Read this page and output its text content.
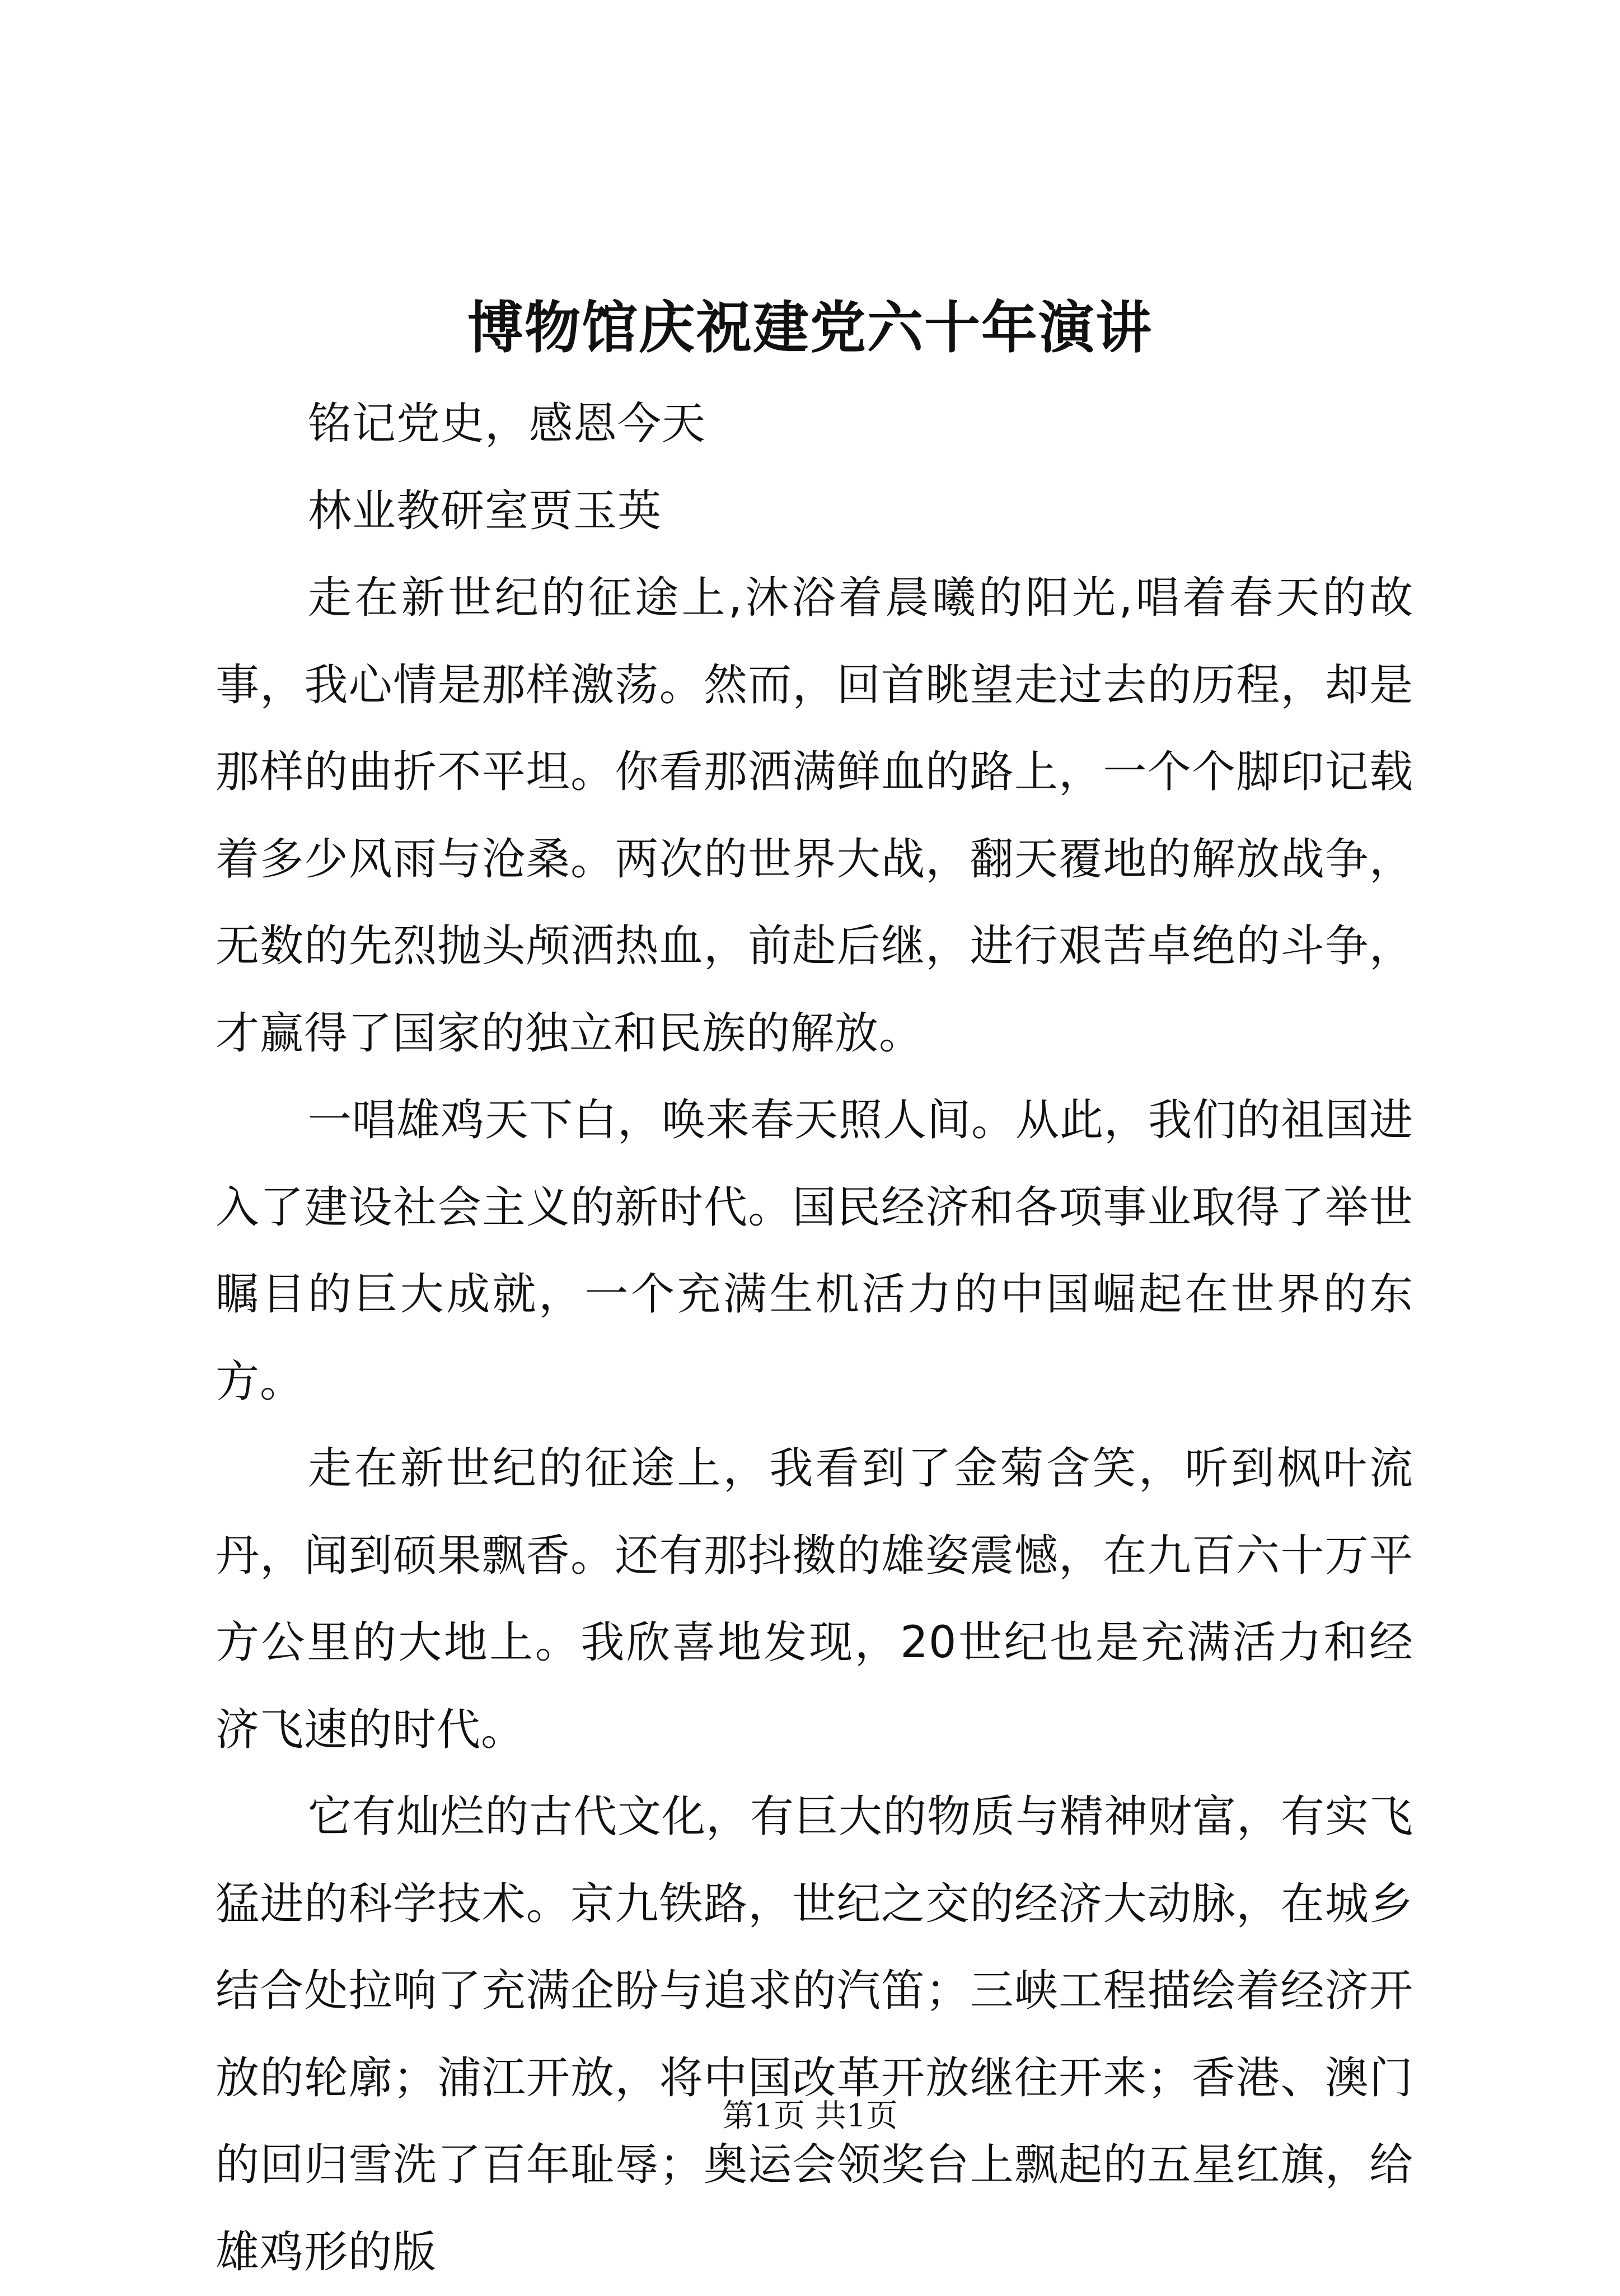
博物馆庆祝建党六十年演讲

铭记党史，感恩今天

林业教研室贾玉英

走在新世纪的征途上,沐浴着晨曦的阳光,唱着春天的故事，我心情是那样激荡。然而，回首眺望走过去的历程，却是那样的曲折不平坦。你看那洒满鲜血的路上，一个个脚印记载着多少风雨与沧桑。两次的世界大战，翻天覆地的解放战争，无数的先烈抛头颅洒热血，前赴后继，进行艰苦卓绝的斗争，才赢得了国家的独立和民族的解放。

一唱雄鸡天下白，唤来春天照人间。从此，我们的祖国进入了建设社会主义的新时代。国民经济和各项事业取得了举世瞩目的巨大成就，一个充满生机活力的中国崛起在世界的东方。

走在新世纪的征途上，我看到了金菊含笑，听到枫叶流丹，闻到硕果飘香。还有那抖擞的雄姿震憾，在九百六十万平方公里的大地上。我欣喜地发现，20世纪也是充满活力和经济飞速的时代。

它有灿烂的古代文化，有巨大的物质与精神财富，有实飞猛进的科学技术。京九铁路，世纪之交的经济大动脉，在城乡结合处拉响了充满企盼与追求的汽笛；三峡工程描绘着经济开放的轮廓；浦江开放，将中国改革开放继往开来；香港、澳门的回归雪洗了百年耻辱；奥运会领奖台上飘起的五星红旗，给雄鸡形的版

第1页 共1页
